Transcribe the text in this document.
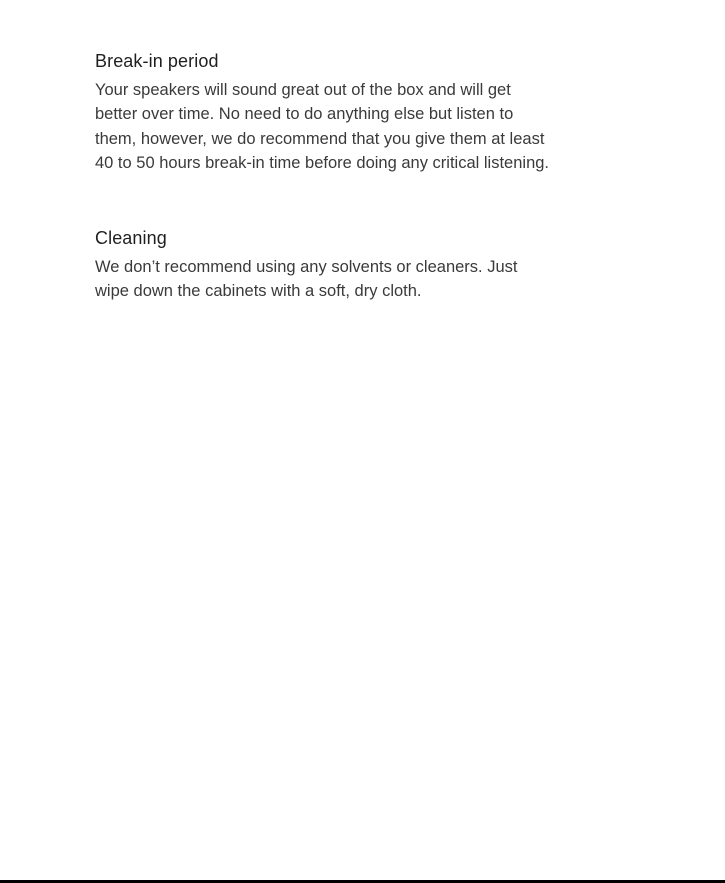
Break-in period

Your speakers will sound great out of the box and will get
better over time. No need to do anything else but listen to
them, however, we do recommend that you give them at least
40 to 50 hours break-in time before doing any critical listening.

Cleaning

We don’t recommend using any solvents or cleaners. Just
wipe down the cabinets with a soft, dry cloth.
